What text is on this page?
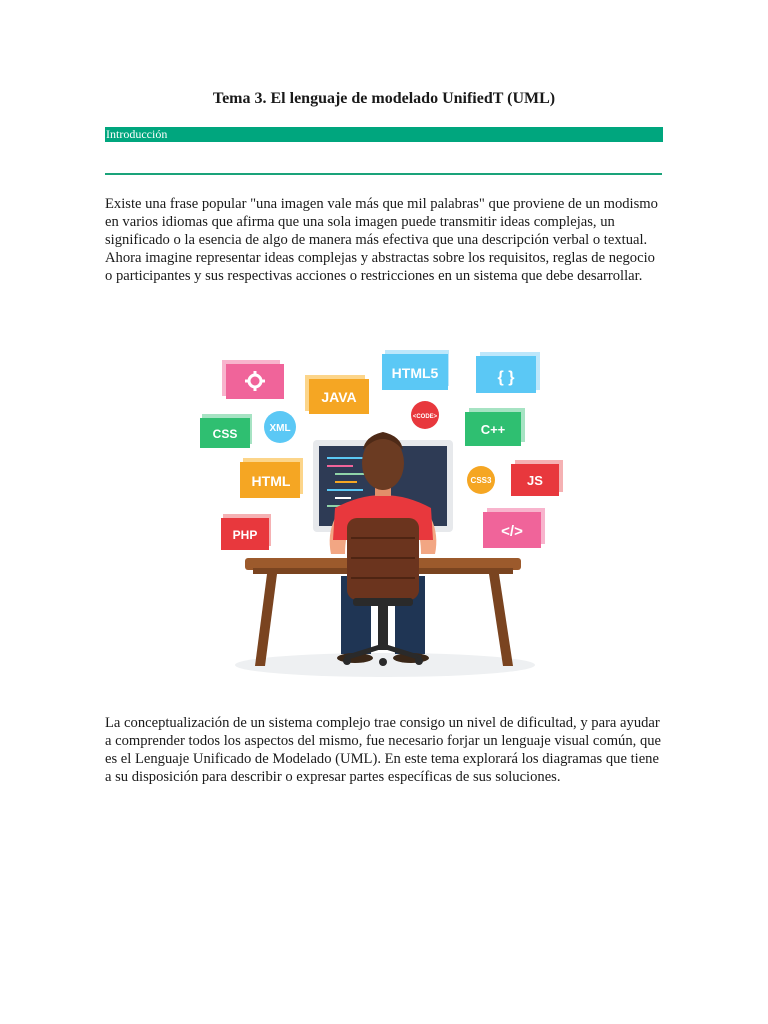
Tema 3. El lenguaje de modelado UnifiedT (UML)
Introducción

Existe una frase popular "una imagen vale más que mil palabras" que proviene de un modismo en varios idiomas que afirma que una sola imagen puede transmitir ideas complejas, un significado o la esencia de algo de manera más efectiva que una descripción verbal o textual. Ahora imagine representar ideas complejas y abstractas sobre los requisitos, reglas de negocio o participantes y sus respectivas acciones o restricciones en un sistema que debe desarrollar.

JAVA
HTML5	{ }
CSS	XML
<CODE>
C++
HTML	CSS3	JS
PHP	</>

La conceptualización de un sistema complejo trae consigo un nivel de dificultad, y para ayudar a comprender todos los aspectos del mismo, fue necesario forjar un lenguaje visual común, que es el Lenguaje Unificado de Modelado (UML). En este tema explorará los diagramas que tiene a su disposición para describir o expresar partes específicas de sus soluciones.
